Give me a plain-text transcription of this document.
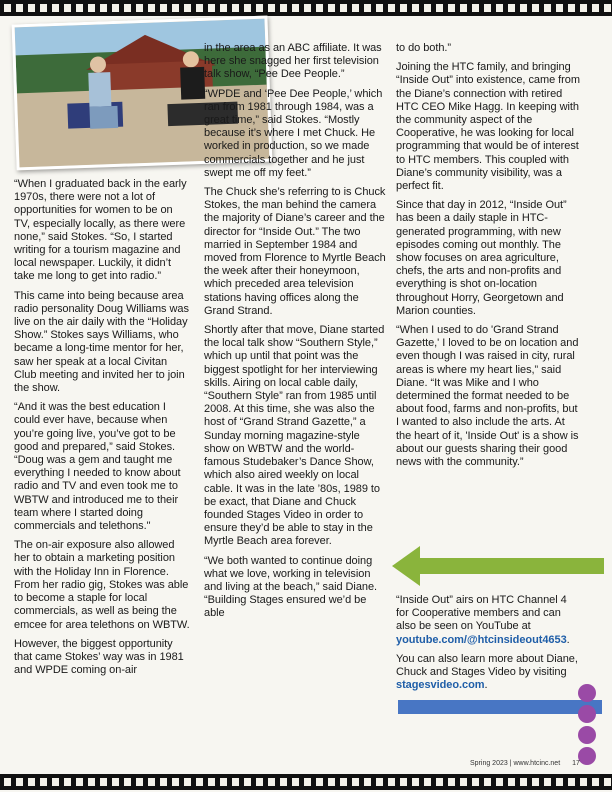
“When I graduated back in the early 1970s, there were not a lot of opportunities for women to be on TV, especially locally, as there were none,” said Stokes. “So, I started writing for a tourism magazine and local newspaper. Luckily, it didn’t take me long to get into radio.”

This came into being because area radio personality Doug Williams was live on the air daily with the “Holiday Show.” Stokes says Williams, who became a long-time mentor for her, saw her speak at a local Civitan Club meeting and invited her to join the show.

“And it was the best education I could ever have, because when you’re going live, you’ve got to be good and prepared,” said Stokes. “Doug was a gem and taught me everything I needed to know about radio and TV and even took me to WBTW and introduced me to their team where I started doing commercials and telethons."

The on-air exposure also allowed her to obtain a marketing position with the Holiday Inn in Florence. From her radio gig, Stokes was able to become a staple for local commercials, as well as being the emcee for area telethons on WBTW.

However, the biggest opportunity that came Stokes’ way was in 1981 and WPDE coming on-air

in the area as an ABC affiliate. It was here she snagged her first television talk show, “Pee Dee People.”

“WPDE and ‘Pee Dee People,’ which ran from 1981 through 1984, was a great time,” said Stokes. “Mostly because it’s where I met Chuck. He worked in production, so we made commercials together and he just swept me off my feet.”

The Chuck she’s referring to is Chuck Stokes, the man behind the camera the majority of Diane’s career and the director for “Inside Out.” The two married in September 1984 and moved from Florence to Myrtle Beach the week after their honeymoon, which preceded area television stations having offices along the Grand Strand.

Shortly after that move, Diane started the local talk show “Southern Style,” which up until that point was the biggest spotlight for her interviewing skills. Airing on local cable daily, “Southern Style” ran from 1985 until 2008. At this time, she was also the host of “Grand Strand Gazette,” a Sunday morning magazine-style show on WBTW and the world-famous Studebaker’s Dance Show, which also aired weekly on local cable. It was in the late ’80s, 1989 to be exact, that Diane and Chuck founded Stages Video in order to ensure they’d be able to stay in the Myrtle Beach area forever.

“We both wanted to continue doing what we love, working in television and living at the beach,” said Diane. “Building Stages ensured we’d be able

to do both.”

Joining the HTC family, and bringing “Inside Out” into existence, came from the Diane’s connection with retired HTC CEO Mike Hagg. In keeping with the community aspect of the Cooperative, he was looking for local programming that would be of interest to HTC members. This coupled with Diane’s community visibility, was a perfect fit.

Since that day in 2012, “Inside Out” has been a daily staple in HTC-generated programming, with new episodes coming out monthly. The show focuses on area agriculture, chefs, the arts and non-profits and everything is shot on-location throughout Horry, Georgetown and Marion counties.

“When I used to do 'Grand Strand Gazette,' I loved to be on location and even though I was raised in city, rural areas is where my heart lies,” said Diane. “It was Mike and I who determined the format needed to be about food, farms and non-profits, but I wanted to also include the arts. At the heart of it, 'Inside Out' is a show is about our guests sharing their good news with the community.”

“Inside Out” airs on HTC Channel 4 for Cooperative members and can also be seen on YouTube at youtube.com/@htcinsideout4653.

You can also learn more about Diane, Chuck and Stages Video by visiting stagesvideo.com.

Spring 2023 | www.htcinc.net 17
